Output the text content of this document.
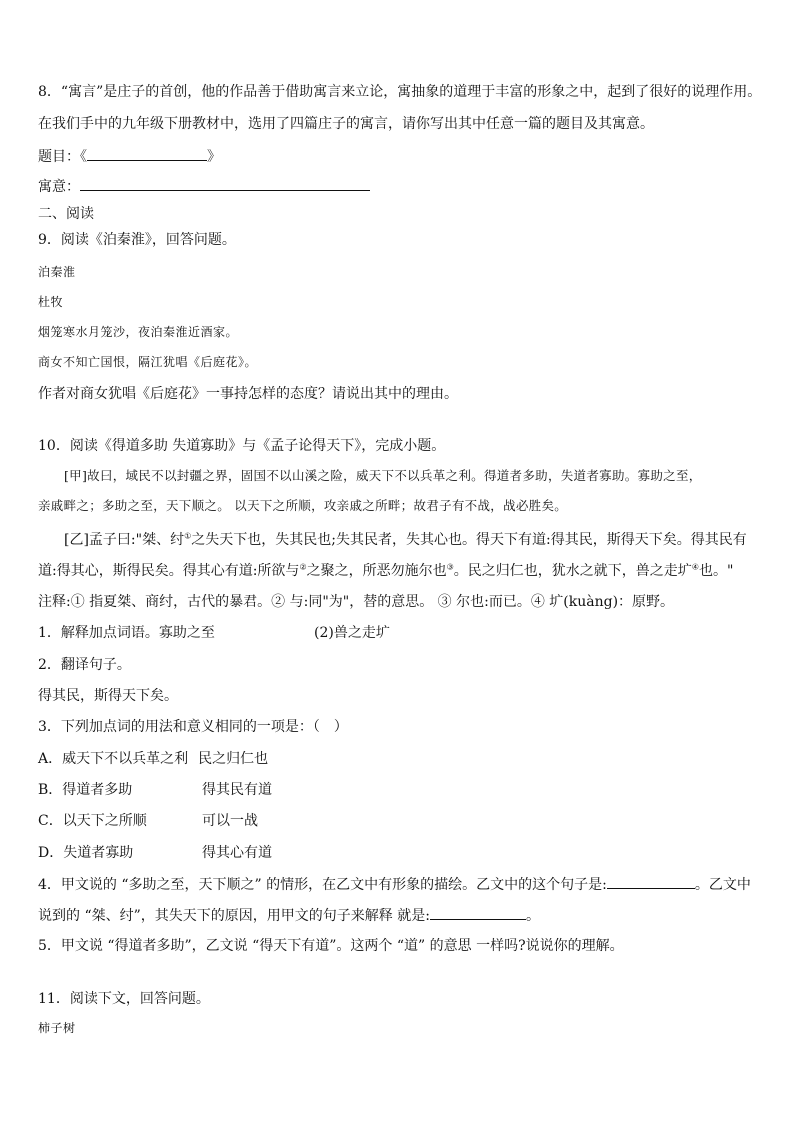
8．“寓言”是庄子的首创，他的作品善于借助寓言来立论，寓抽象的道理于丰富的形象之中，起到了很好的说理作用。
在我们手中的九年级下册教材中，选用了四篇庄子的寓言，请你写出其中任意一篇的题目及其寓意。
题目：《	》
寓意：
二、阅读
9．阅读《泊秦淮》，回答问题。
泊秦淮
杜牧
烟笼寒水月笼沙，夜泊秦淮近酒家。
商女不知亡国恨，隔江犹唱《后庭花》。
作者对商女犹唱《后庭花》一事持怎样的态度？请说出其中的理由。
10．阅读《得道多助 失道寡助》与《孟子论得天下》，完成小题。
[甲]故曰，域民不以封疆之界，固国不以山溪之险，威天下不以兵革之利。得道者多助，失道者寡助。寡助之至，
亲戚畔之；多助之至，天下顺之。 以天下之所顺，攻亲戚之所畔；故君子有不战，战必胜矣。
[乙]孟子曰:"桀、纣①之失天下也，失其民也;失其民者，失其心也。得天下有道:得其民，斯得天下矣。得其民有
道:得其心，斯得民矣。得其心有道:所欲与②之聚之，所恶勿施尔也③。民之归仁也，犹水之就下，兽之走圹④也。"
注释:① 指夏桀、商纣，古代的暴君。② 与:同"为"，替的意思。 ③ 尔也:而已。④ 圹(kuàng)：原野。
1．解释加点词语。寡助之至	(2)兽之走圹
2．翻译句子。
得其民，斯得天下矣。
3．下列加点词的用法和意义相同的一项是：（　）
A．威天下不以兵革之利 民之归仁也
B．得道者多助	得其民有道
C．以天下之所顺	可以一战
D．失道者寡助	得其心有道
4．甲文说的 “多助之至，天下顺之” 的情形，在乙文中有形象的描绘。乙文中的这个句子是:	。乙文中
说到的 “桀、纣”，其失天下的原因，用甲文的句子来解释 就是:	。
5．甲文说 “得道者多助”，乙文说 “得天下有道”。这两个 “道” 的意思 一样吗?说说你的理解。
11．阅读下文，回答问题。
柿子树
